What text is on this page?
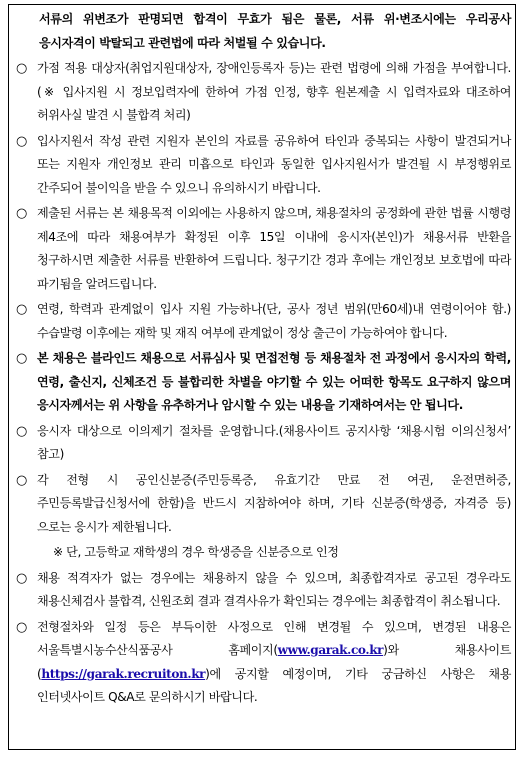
서류의 위변조가 판명되면 합격이 무효가 됨은 물론, 서류 위·변조시에는 우리공사 응시자격이 박탈되고 관련법에 따라 처벌될 수 있습니다.
○ 가점 적용 대상자(취업지원대상자, 장애인등록자 등)는 관련 법령에 의해 가점을 부여합니다. (※ 입사지원 시 정보입력자에 한하여 가점 인정, 향후 원본제출 시 입력자료와 대조하여 허위사실 발견 시 불합격 처리)
○ 입사지원서 작성 관련 지원자 본인의 자료를 공유하여 타인과 중복되는 사항이 발견되거나 또는 지원자 개인정보 관리 미흡으로 타인과 동일한 입사지원서가 발견될 시 부정행위로 간주되어 불이익을 받을 수 있으니 유의하시기 바랍니다.
○ 제출된 서류는 본 채용목적 이외에는 사용하지 않으며, 채용절차의 공정화에 관한 법률 시행령 제4조에 따라 채용여부가 확정된 이후 15일 이내에 응시자(본인)가 채용서류 반환을 청구하시면 제출한 서류를 반환하여 드립니다. 청구기간 경과 후에는 개인정보 보호법에 따라 파기됨을 알려드립니다.
○ 연령, 학력과 관계없이 입사 지원 가능하나(단, 공사 정년 범위(만60세)내 연령이어야 함.) 수습발령 이후에는 재학 및 재직 여부에 관계없이 정상 출근이 가능하여야 합니다.
○ 본 채용은 블라인드 채용으로 서류심사 및 면접전형 등 채용절차 전 과정에서 응시자의 학력, 연령, 출신지, 신체조건 등 불합리한 차별을 야기할 수 있는 어떠한 항목도 요구하지 않으며 응시자께서는 위 사항을 유추하거나 암시할 수 있는 내용을 기재하여서는 안 됩니다.
○ 응시자 대상으로 이의제기 절차를 운영합니다.(채용사이트 공지사항 ‘채용시험 이의신청서’ 참고)
○ 각 전형 시 공인신분증(주민등록증, 유효기간 만료 전 여권, 운전면허증, 주민등록발급신청서에 한함)을 반드시 지참하여야 하며, 기타 신분증(학생증, 자격증 등)으로는 응시가 제한됩니다.
※ 단, 고등학교 재학생의 경우 학생증을 신분증으로 인정
○ 채용 적격자가 없는 경우에는 채용하지 않을 수 있으며, 최종합격자로 공고된 경우라도 채용신체검사 불합격, 신원조회 결과 결격사유가 확인되는 경우에는 최종합격이 취소됩니다.
○ 전형절차와 일정 등은 부득이한 사정으로 인해 변경될 수 있으며, 변경된 내용은 서울특별시농수산식품공사 홈페이지(www.garak.co.kr)와 채용사이트(https://garak.recruiton.kr)에 공지할 예정이며, 기타 궁금하신 사항은 채용 인터넷사이트 Q&A로 문의하시기 바랍니다.
